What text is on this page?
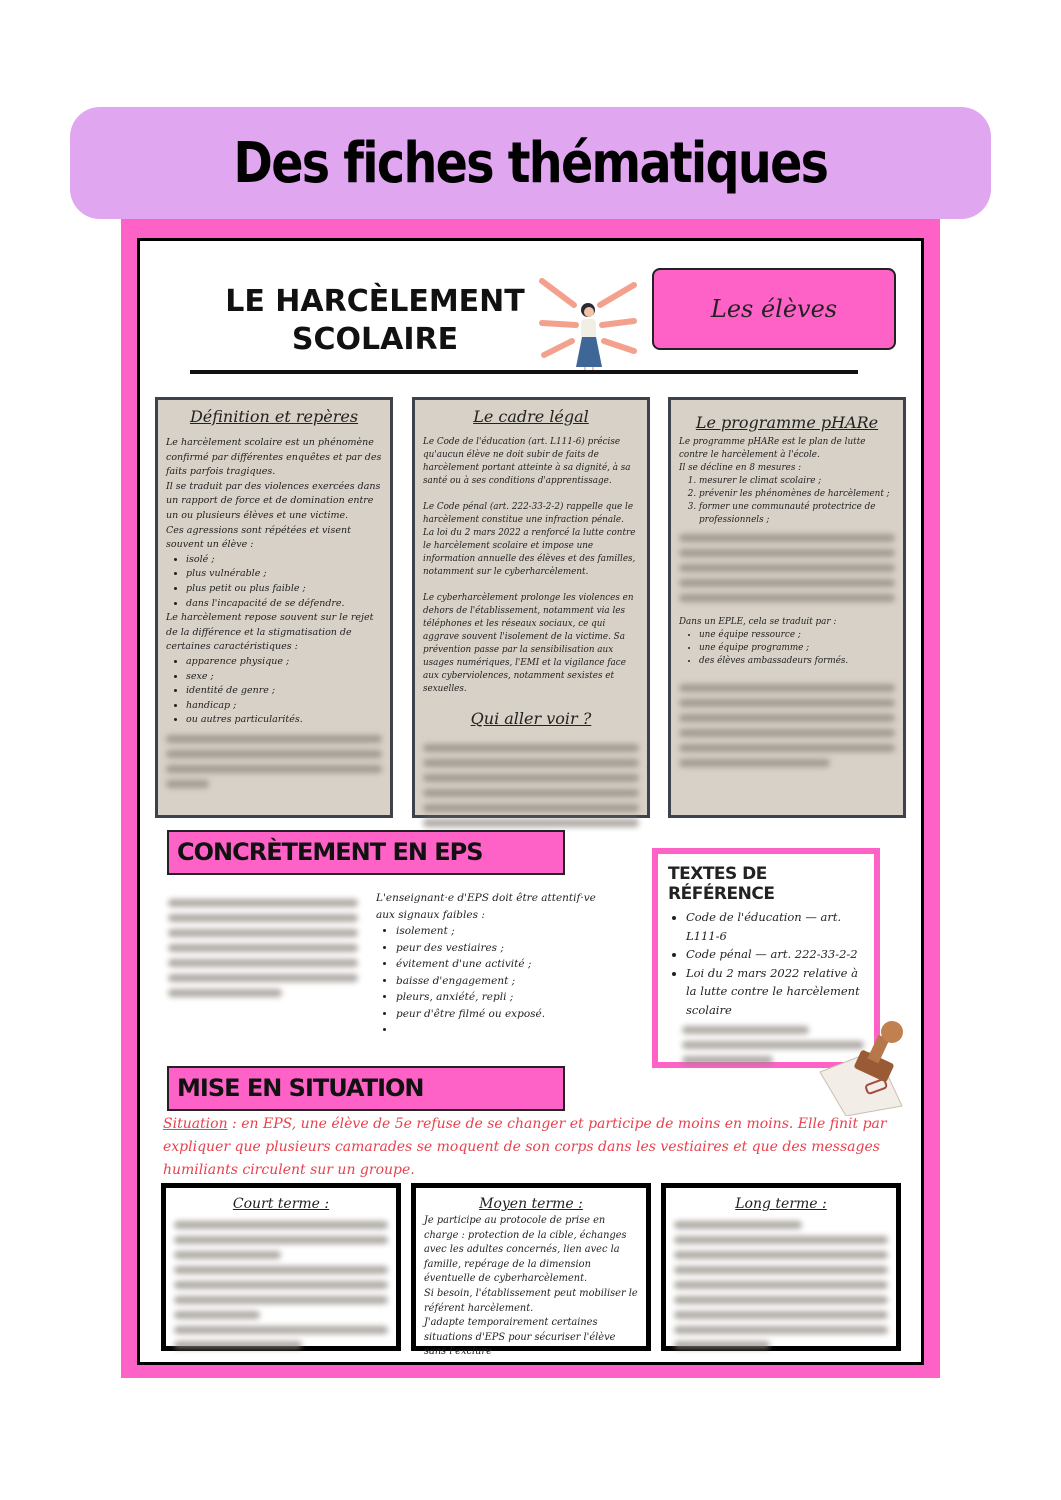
Des fiches thématiques
LE HARCÈLEMENT
SCOLAIRE
Les élèves
Définition et repères
Le harcèlement scolaire est un phénomène confirmé par différentes enquêtes et par des faits parfois tragiques.
Il se traduit par des violences exercées dans un rapport de force et de domination entre un ou plusieurs élèves et une victime.
Ces agressions sont répétées et visent souvent un élève :
• isolé ;
• plus vulnérable ;
• plus petit ou plus faible ;
• dans l'incapacité de se défendre.
Le harcèlement repose souvent sur le rejet de la différence et la stigmatisation de certaines caractéristiques :
• apparence physique ;
• sexe ;
• identité de genre ;
• handicap ;
• ou autres particularités.
Le cadre légal
Le Code de l'éducation (art. L111-6) précise qu'aucun élève ne doit subir de faits de harcèlement portant atteinte à sa dignité, à sa santé ou à ses conditions d'apprentissage.

Le Code pénal (art. 222-33-2-2) rappelle que le harcèlement constitue une infraction pénale.
La loi du 2 mars 2022 a renforcé la lutte contre le harcèlement scolaire et impose une information annuelle des élèves et des familles, notamment sur le cyberharcèlement.

Le cyberharcèlement prolonge les violences en dehors de l'établissement, notamment via les téléphones et les réseaux sociaux, ce qui aggrave souvent l'isolement de la victime. Sa prévention passe par la sensibilisation aux usages numériques, l'EMI et la vigilance face aux cyberviolences, notamment sexistes et sexuelles.
Qui aller voir ?
Le programme pHARe
Le programme pHARe est le plan de lutte contre le harcèlement à l'école.
Il se décline en 8 mesures :
1. mesurer le climat scolaire ;
2. prévenir les phénomènes de harcèlement ;
3. former une communauté protectrice de professionnels ;
Dans un EPLE, cela se traduit par :
• une équipe ressource ;
• une équipe programme ;
• des élèves ambassadeurs formés.
CONCRÈTEMENT EN EPS
L'enseignant·e d'EPS doit être attentif·ve aux signaux faibles :
• isolement ;
• peur des vestiaires ;
• évitement d'une activité ;
• baisse d'engagement ;
• pleurs, anxiété, repli ;
• peur d'être filmé ou exposé.
•
TEXTES DE RÉFÉRENCE
• Code de l'éducation — art. L111-6
• Code pénal — art. 222-33-2-2
• Loi du 2 mars 2022 relative à la lutte contre le harcèlement scolaire
MISE EN SITUATION
Situation : en EPS, une élève de 5e refuse de se changer et participe de moins en moins. Elle finit par expliquer que plusieurs camarades se moquent de son corps dans les vestiaires et que des messages humiliants circulent sur un groupe.
Court terme :	Moyen terme :
Je participe au protocole de prise en charge : protection de la cible, échanges avec les adultes concernés, lien avec la famille, repérage de la dimension éventuelle de cyberharcèlement.
Si besoin, l'établissement peut mobiliser le référent harcèlement.
J'adapte temporairement certaines situations d'EPS pour sécuriser l'élève sans l'exclure
Long terme :
